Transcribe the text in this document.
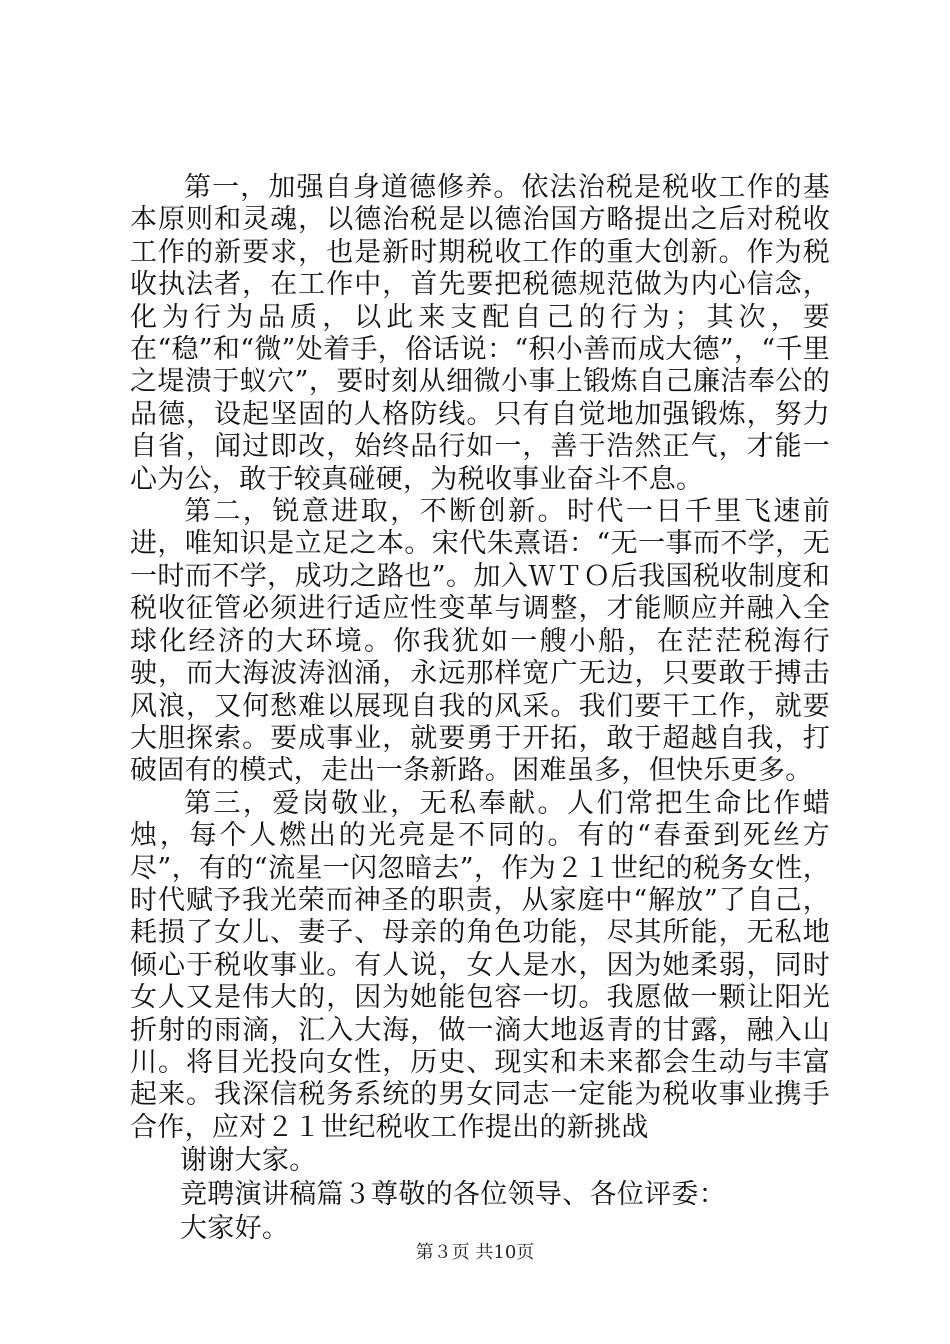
第一，加强自身道德修养。依法治税是税收工作的基本原则和灵魂，以德治税是以德治国方略提出之后对税收工作的新要求，也是新时期税收工作的重大创新。作为税收执法者，在工作中，首先要把税德规范做为内心信念，化为行为品质，以此来支配自己的行为；其次，要在“稳”和“微”处着手，俗话说：“积小善而成大德”，“千里之堤溃于蚁穴”，要时刻从细微小事上锻炼自己廉洁奉公的品德，设起坚固的人格防线。只有自觉地加强锻炼，努力自省，闻过即改，始终品行如一，善于浩然正气，才能一心为公，敢于较真碰硬，为税收事业奋斗不息。

第二，锐意进取，不断创新。时代一日千里飞速前进，唯知识是立足之本。宋代朱熹语：“无一事而不学，无一时而不学，成功之路也”。加入ＷＴＯ后我国税收制度和税收征管必须进行适应性变革与调整，才能顺应并融入全球化经济的大环境。你我犹如一艘小船，在茫茫税海行驶，而大海波涛汹涌，永远那样宽广无边，只要敢于搏击风浪，又何愁难以展现自我的风采。我们要干工作，就要大胆探索。要成事业，就要勇于开拓，敢于超越自我，打破固有的模式，走出一条新路。困难虽多，但快乐更多。

第三，爱岗敬业，无私奉献。人们常把生命比作蜡烛，每个人燃出的光亮是不同的。有的“春蚕到死丝方尽”，有的“流星一闪忽暗去”，作为２１世纪的税务女性，时代赋予我光荣而神圣的职责，从家庭中“解放”了自己，耗损了女儿、妻子、母亲的角色功能，尽其所能，无私地倾心于税收事业。有人说，女人是水，因为她柔弱，同时女人又是伟大的，因为她能包容一切。我愿做一颗让阳光折射的雨滴，汇入大海，做一滴大地返青的甘露，融入山川。将目光投向女性，历史、现实和未来都会生动与丰富起来。我深信税务系统的男女同志一定能为税收事业携手合作，应对２１世纪税收工作提出的新挑战

谢谢大家。

竞聘演讲稿篇３尊敬的各位领导、各位评委：

大家好。

第３页 共10页
